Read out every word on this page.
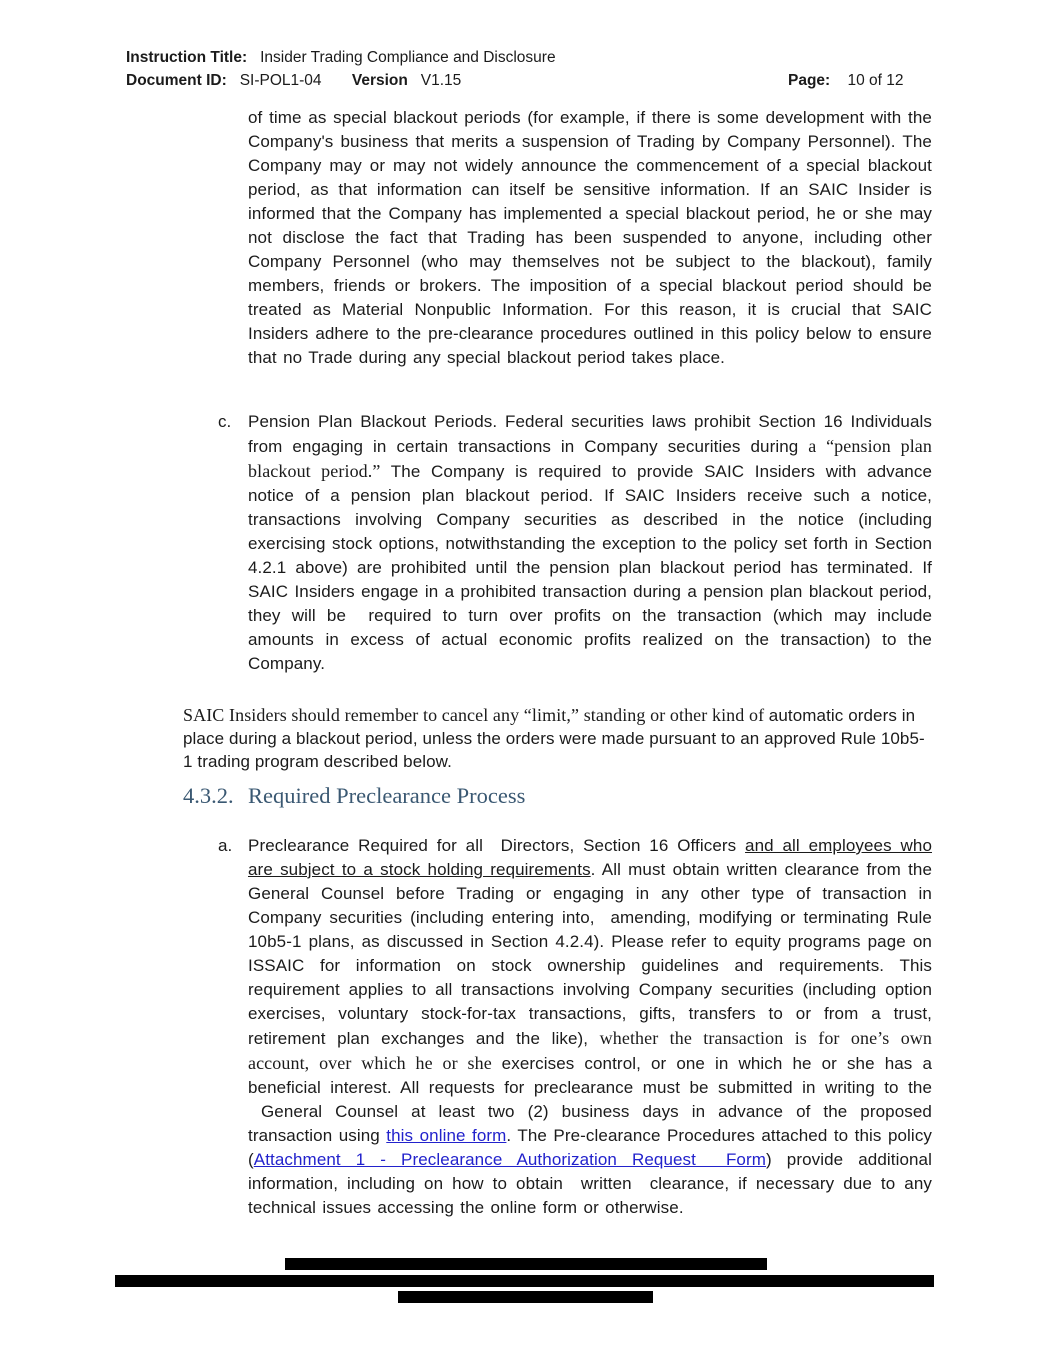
Instruction Title: Insider Trading Compliance and Disclosure
Document ID: SI-POL1-04 Version V1.15	Page: 10 of 12
of time as special blackout periods (for example, if there is some development with the Company's business that merits a suspension of Trading by Company Personnel). The Company may or may not widely announce the commencement of a special blackout period, as that information can itself be sensitive information. If an SAIC Insider is informed that the Company has implemented a special blackout period, he or she may not disclose the fact that Trading has been suspended to anyone, including other Company Personnel (who may themselves not be subject to the blackout), family members, friends or brokers. The imposition of a special blackout period should be treated as Material Nonpublic Information. For this reason, it is crucial that SAIC Insiders adhere to the pre-clearance procedures outlined in this policy below to ensure that no Trade during any special blackout period takes place.
c. Pension Plan Blackout Periods. Federal securities laws prohibit Section 16 Individuals from engaging in certain transactions in Company securities during a “pension plan blackout period.” The Company is required to provide SAIC Insiders with advance notice of a pension plan blackout period. If SAIC Insiders receive such a notice, transactions involving Company securities as described in the notice (including exercising stock options, notwithstanding the exception to the policy set forth in Section 4.2.1 above) are prohibited until the pension plan blackout period has terminated. If SAIC Insiders engage in a prohibited transaction during a pension plan blackout period, they will be  required to turn over profits on the transaction (which may include amounts in excess of actual economic profits realized on the transaction) to the Company.
SAIC Insiders should remember to cancel any “limit,” standing or other kind of automatic orders in place during a blackout period, unless the orders were made pursuant to an approved Rule 10b5-1 trading program described below.
4.3.2. Required Preclearance Process
a. Preclearance Required for all  Directors, Section 16 Officers and all employees who are subject to a stock holding requirements. All must obtain written clearance from the General Counsel before Trading or engaging in any other type of transaction in Company securities (including entering into,  amending, modifying or terminating Rule 10b5-1 plans, as discussed in Section 4.2.4). Please refer to equity programs page on ISSAIC for information on stock ownership guidelines and requirements. This requirement applies to all transactions involving Company securities (including option exercises, voluntary stock-for-tax transactions, gifts, transfers to or from a trust, retirement plan exchanges and the like), whether the transaction is for one’s own account, over which he or she exercises control, or one in which he or she has a beneficial interest. All requests for preclearance must be submitted in writing to the  General Counsel at least two (2) business days in advance of the proposed transaction using this online form. The Pre-clearance Procedures attached to this policy (Attachment 1 - Preclearance Authorization Request  Form) provide additional information, including on how to obtain  written  clearance, if necessary due to any technical issues accessing the online form or otherwise.
